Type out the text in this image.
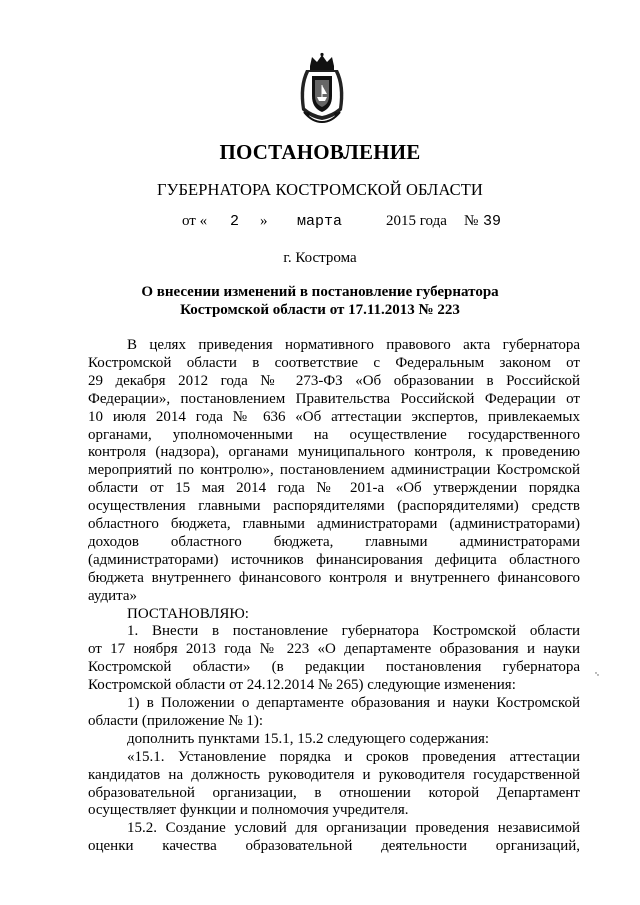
ПОСТАНОВЛЕНИЕ
ГУБЕРНАТОРА КОСТРОМСКОЙ ОБЛАСТИ
от « 2 » марта	2015 года № 39
г. Кострома
О внесении изменений в постановление губернатора
Костромской области от 17.11.2013 № 223
В целях приведения нормативного правового акта губернатора
Костромской области в соответствие с Федеральным законом от
29 декабря 2012 года № 273-ФЗ «Об образовании в Российской
Федерации», постановлением Правительства Российской Федерации от
10 июля 2014 года № 636 «Об аттестации экспертов, привлекаемых
органами, уполномоченными на осуществление государственного
контроля (надзора), органами муниципального контроля, к проведению
мероприятий по контролю», постановлением администрации Костромской
области от 15 мая 2014 года № 201-а «Об утверждении порядка
осуществления главными распорядителями (распорядителями) средств
областного бюджета, главными администраторами (администраторами)
доходов областного бюджета, главными администраторами
(администраторами) источников финансирования дефицита областного
бюджета внутреннего финансового контроля и внутреннего финансового
аудита»
ПОСТАНОВЛЯЮ:
1. Внести в постановление губернатора Костромской области
от 17 ноября 2013 года № 223 «О департаменте образования и науки
Костромской области» (в редакции постановления губернатора
Костромской области от 24.12.2014 № 265) следующие изменения:
1) в Положении о департаменте образования и науки Костромской
области (приложение № 1):
дополнить пунктами 15.1, 15.2 следующего содержания:
«15.1. Установление порядка и сроков проведения аттестации
кандидатов на должность руководителя и руководителя государственной
образовательной организации, в отношении которой Департамент
осуществляет функции и полномочия учредителя.
15.2. Создание условий для организации проведения независимой
оценки качества образовательной деятельности организаций,
